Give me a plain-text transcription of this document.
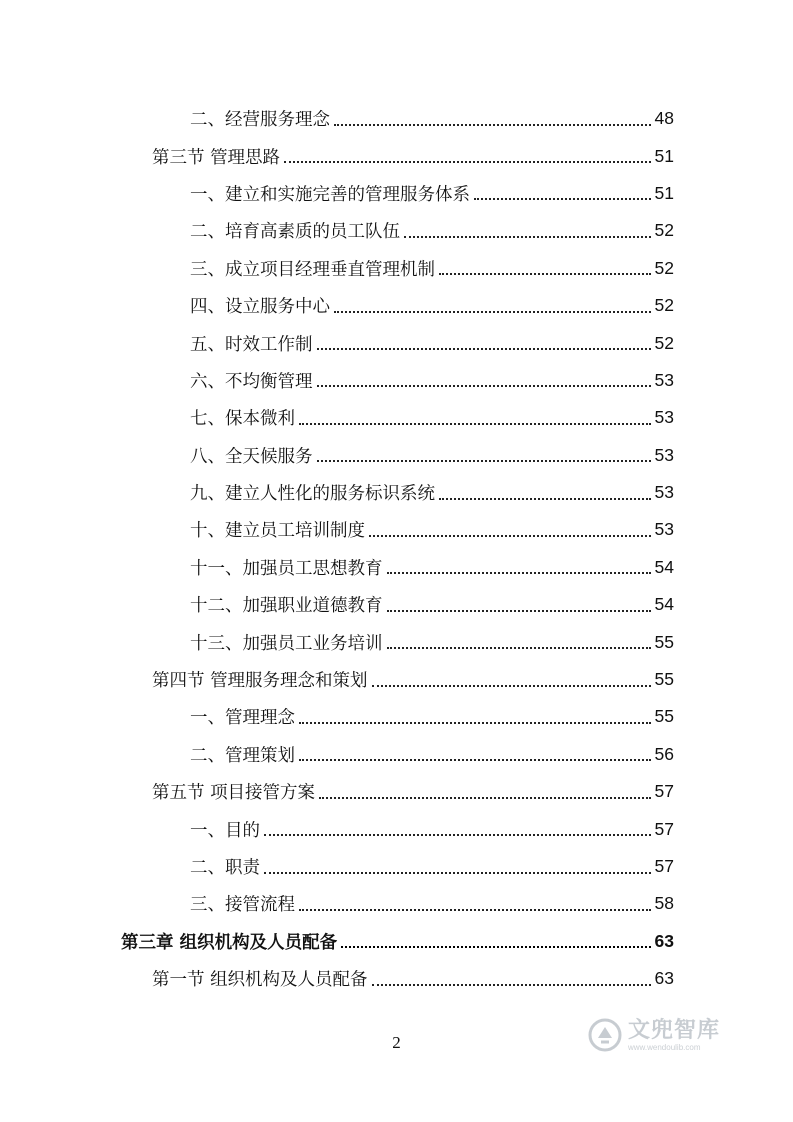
二、经营服务理念	48
第三节 管理思路	51
一、建立和实施完善的管理服务体系	51
二、培育高素质的员工队伍	52
三、成立项目经理垂直管理机制	52
四、设立服务中心	52
五、时效工作制	52
六、不均衡管理	53
七、保本微利	53
八、全天候服务	53
九、建立人性化的服务标识系统	53
十、建立员工培训制度	53
十一、加强员工思想教育	54
十二、加强职业道德教育	54
十三、加强员工业务培训	55
第四节 管理服务理念和策划	55
一、管理理念	55
二、管理策划	56
第五节 项目接管方案	57
一、目的	57
二、职责	57
三、接管流程	58
第三章 组织机构及人员配备	63
第一节 组织机构及人员配备	63
2	文兜智库
www.wendoulib.com
